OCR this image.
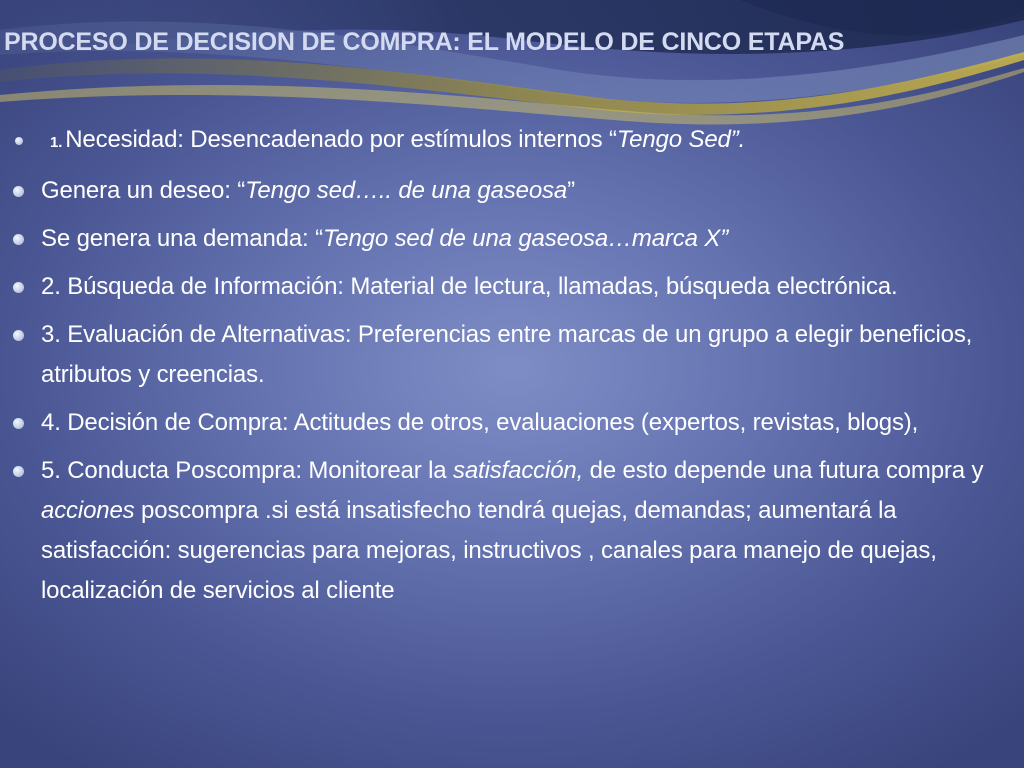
PROCESO DE DECISION DE COMPRA: EL MODELO DE CINCO ETAPAS
1. Necesidad: Desencadenado por estímulos internos “Tengo Sed”.
Genera un deseo: “Tengo sed….. de una gaseosa”
Se genera una demanda: “Tengo sed de una gaseosa…marca X”
2. Búsqueda de Información: Material de lectura, llamadas, búsqueda electrónica.
3. Evaluación de Alternativas: Preferencias entre marcas de un grupo a elegir beneficios, atributos y creencias.
4. Decisión de Compra: Actitudes de otros, evaluaciones (expertos, revistas, blogs),
5. Conducta Poscompra: Monitorear la satisfacción, de esto depende una futura compra y acciones poscompra .si está insatisfecho tendrá quejas, demandas; aumentará la satisfacción: sugerencias para mejoras, instructivos , canales para manejo de quejas, localización de servicios al cliente
